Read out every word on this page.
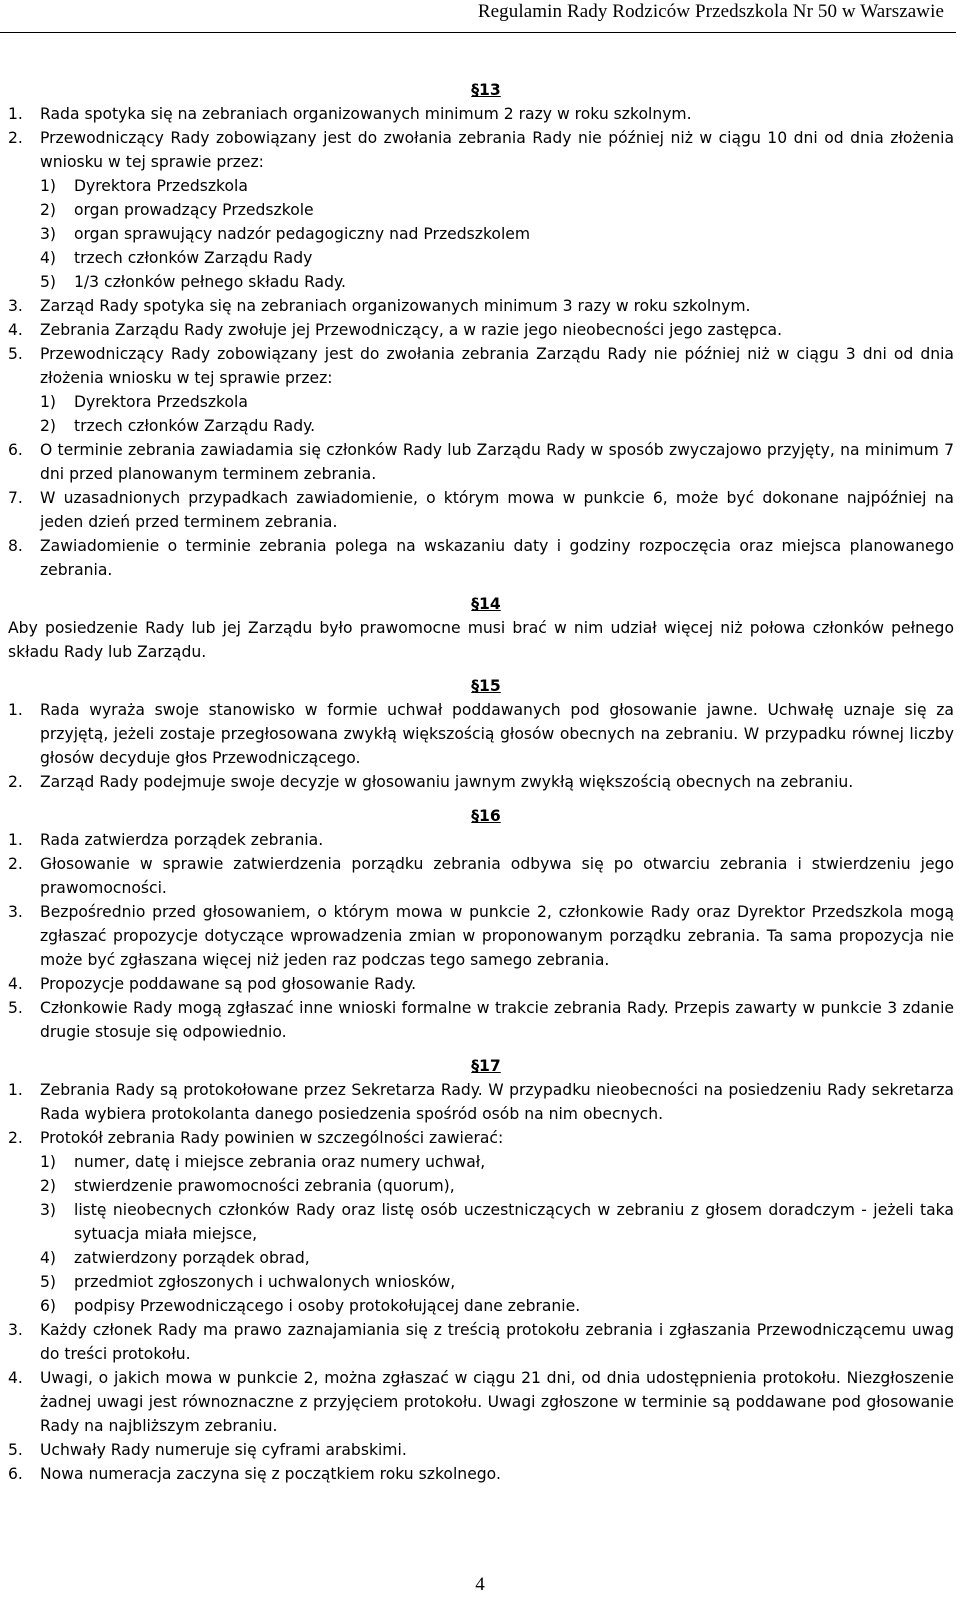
Regulamin Rady Rodziców Przedszkola Nr 50 w Warszawie
§13
1.	Rada spotyka się na zebraniach organizowanych minimum 2 razy w roku szkolnym.
2.	Przewodniczący Rady zobowiązany jest do zwołania zebrania Rady nie później niż w ciągu 10 dni od dnia złożenia wniosku w tej sprawie przez:
1)	Dyrektora Przedszkola
2)	organ prowadzący Przedszkole
3)	organ sprawujący nadzór pedagogiczny nad Przedszkolem
4)	trzech członków Zarządu Rady
5)	1/3 członków pełnego składu Rady.
3.	Zarząd Rady spotyka się na zebraniach organizowanych minimum 3 razy w roku szkolnym.
4.	Zebrania Zarządu Rady zwołuje jej Przewodniczący, a w razie jego nieobecności jego zastępca.
5.	Przewodniczący Rady zobowiązany jest do zwołania zebrania Zarządu Rady nie później niż w ciągu 3 dni od dnia złożenia wniosku w tej sprawie przez:
1)	Dyrektora Przedszkola
2)	trzech członków Zarządu Rady.
6.	O terminie zebrania zawiadamia się członków Rady lub Zarządu Rady w sposób zwyczajowo przyjęty, na minimum 7 dni przed planowanym terminem zebrania.
7.	W uzasadnionych przypadkach zawiadomienie, o którym mowa w punkcie 6, może być dokonane najpóźniej na jeden dzień przed terminem zebrania.
8.	Zawiadomienie o terminie zebrania polega na wskazaniu daty i godziny rozpoczęcia oraz miejsca planowanego zebrania.
§14

Aby posiedzenie Rady lub jej Zarządu było prawomocne musi brać w nim udział więcej niż połowa członków pełnego składu Rady lub Zarządu.

§15
1.	Rada wyraża swoje stanowisko w formie uchwał poddawanych pod głosowanie jawne. Uchwałę uznaje się za przyjętą, jeżeli zostaje przegłosowana zwykłą większością głosów obecnych na zebraniu. W przypadku równej liczby głosów decyduje głos Przewodniczącego.
2.	Zarząd Rady podejmuje swoje decyzje w głosowaniu jawnym zwykłą większością obecnych na zebraniu.
§16
1.	Rada zatwierdza porządek zebrania.
2.	Głosowanie w sprawie zatwierdzenia porządku zebrania odbywa się po otwarciu zebrania i stwierdzeniu jego prawomocności.
3.	Bezpośrednio przed głosowaniem, o którym mowa w punkcie 2, członkowie Rady oraz Dyrektor Przedszkola mogą zgłaszać propozycje dotyczące wprowadzenia zmian w proponowanym porządku zebrania. Ta sama propozycja nie może być zgłaszana więcej niż jeden raz podczas tego samego zebrania.
4.	Propozycje poddawane są pod głosowanie Rady.
5.	Członkowie Rady mogą zgłaszać inne wnioski formalne w trakcie zebrania Rady. Przepis zawarty w punkcie 3 zdanie drugie stosuje się odpowiednio.
§17
1.	Zebrania Rady są protokołowane przez Sekretarza Rady. W przypadku nieobecności na posiedzeniu Rady sekretarza Rada wybiera protokolanta danego posiedzenia spośród osób na nim obecnych.
2.	Protokół zebrania Rady powinien w szczególności zawierać:
1)	numer, datę i miejsce zebrania oraz numery uchwał,
2)	stwierdzenie prawomocności zebrania (quorum),
3)	listę nieobecnych członków Rady oraz listę osób uczestniczących w zebraniu z głosem doradczym - jeżeli taka sytuacja miała miejsce,
4)	zatwierdzony porządek obrad,
5)	przedmiot zgłoszonych i uchwalonych wniosków,
6)	podpisy Przewodniczącego i osoby protokołującej dane zebranie.
3.	Każdy członek Rady ma prawo zaznajamiania się z treścią protokołu zebrania i zgłaszania Przewodniczącemu uwag do treści protokołu.
4.	Uwagi, o jakich mowa w punkcie 2, można zgłaszać w ciągu 21 dni, od dnia udostępnienia protokołu. Niezgłoszenie żadnej uwagi jest równoznaczne z przyjęciem protokołu. Uwagi zgłoszone w terminie są poddawane pod głosowanie Rady na najbliższym zebraniu.
5.	Uchwały Rady numeruje się cyframi arabskimi.
6.	Nowa numeracja zaczyna się z początkiem roku szkolnego.
4
